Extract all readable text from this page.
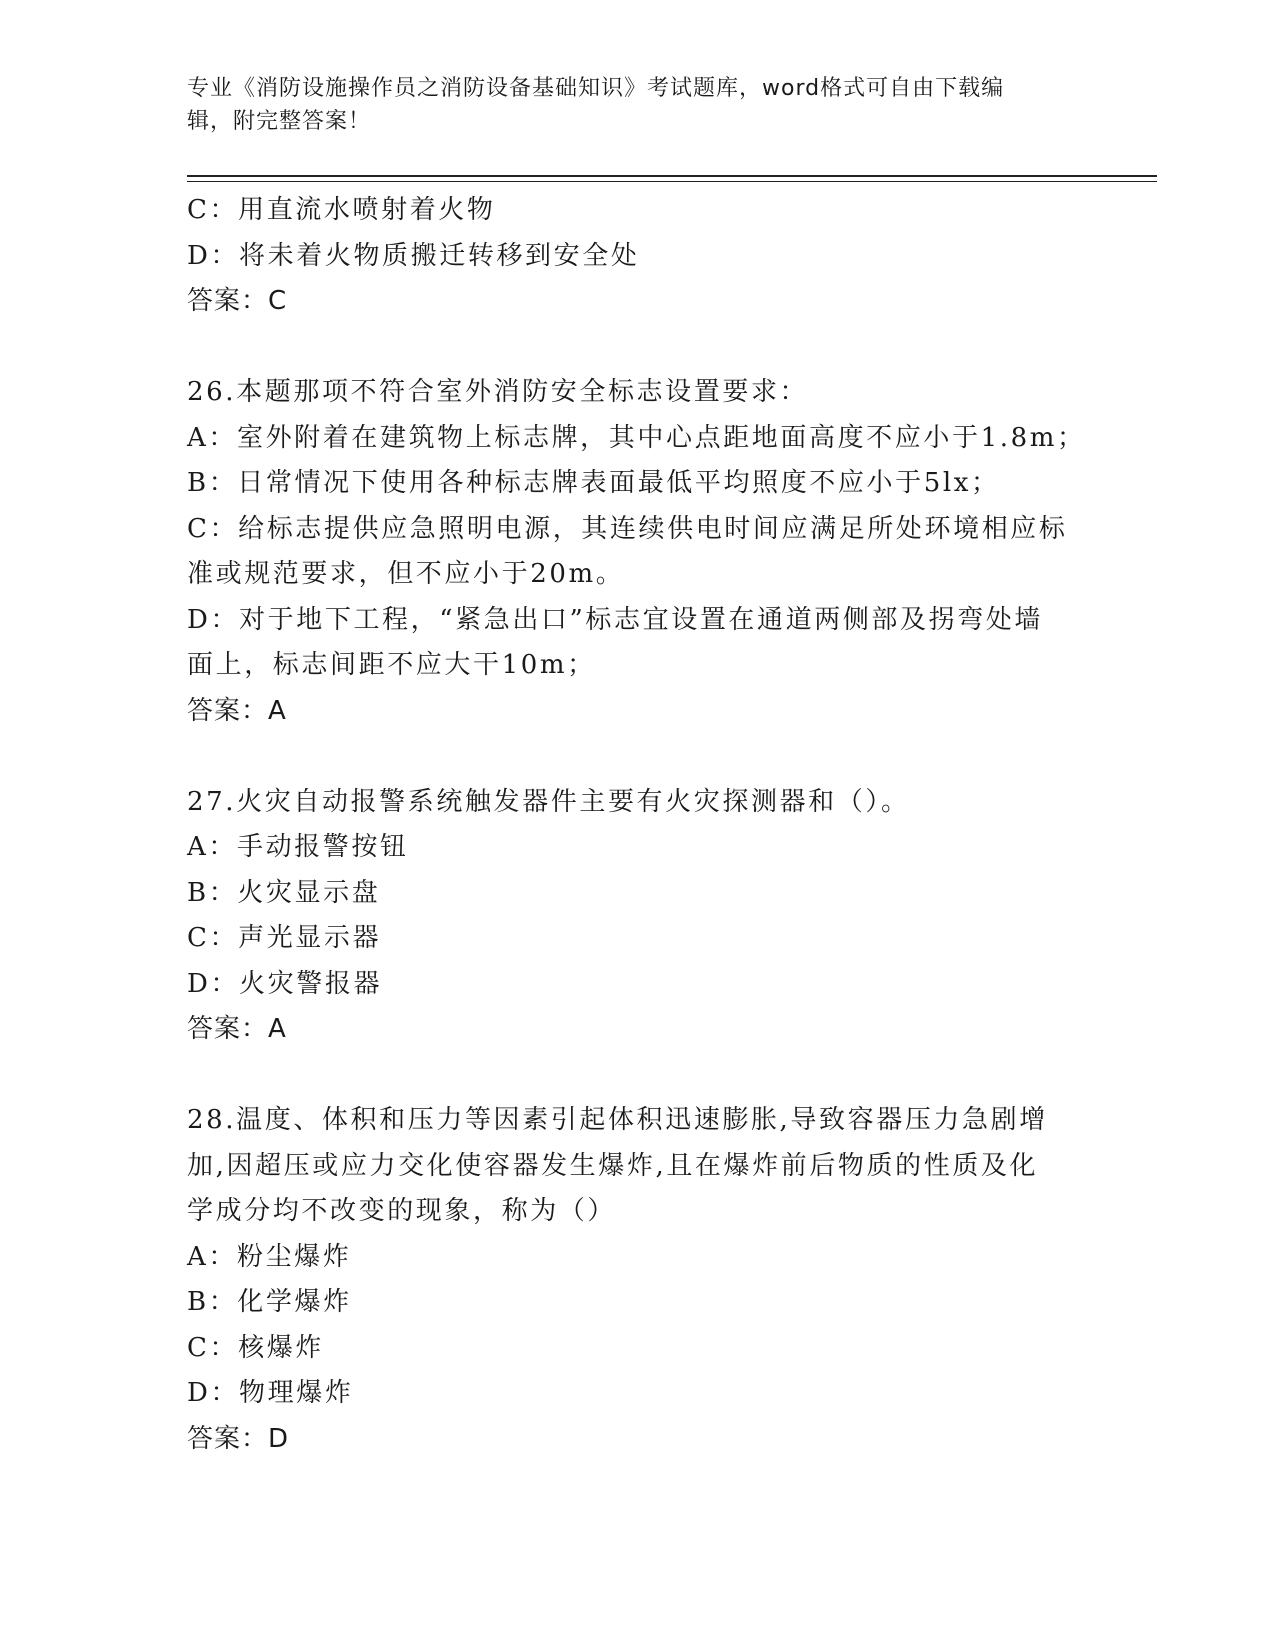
专业《消防设施操作员之消防设备基础知识》考试题库，word格式可自由下载编
辑，附完整答案！
C：用直流水喷射着火物
D：将未着火物质搬迁转移到安全处
答案：C
26.本题那项不符合室外消防安全标志设置要求：
A：室外附着在建筑物上标志牌，其中心点距地面高度不应小于1.8m；
B：日常情况下使用各种标志牌表面最低平均照度不应小于5lx；
C：给标志提供应急照明电源，其连续供电时间应满足所处环境相应标
准或规范要求，但不应小于20m。
D：对于地下工程，“紧急出口”标志宜设置在通道两侧部及拐弯处墙
面上，标志间距不应大干10m；
答案：A
27.火灾自动报警系统触发器件主要有火灾探测器和（）。
A：手动报警按钮
B：火灾显示盘
C：声光显示器
D：火灾警报器
答案：A
28.温度、体积和压力等因素引起体积迅速膨胀,导致容器压力急剧增
加,因超压或应力交化使容器发生爆炸,且在爆炸前后物质的性质及化
学成分均不改变的现象，称为（）
A：粉尘爆炸
B：化学爆炸
C：核爆炸
D：物理爆炸
答案：D
